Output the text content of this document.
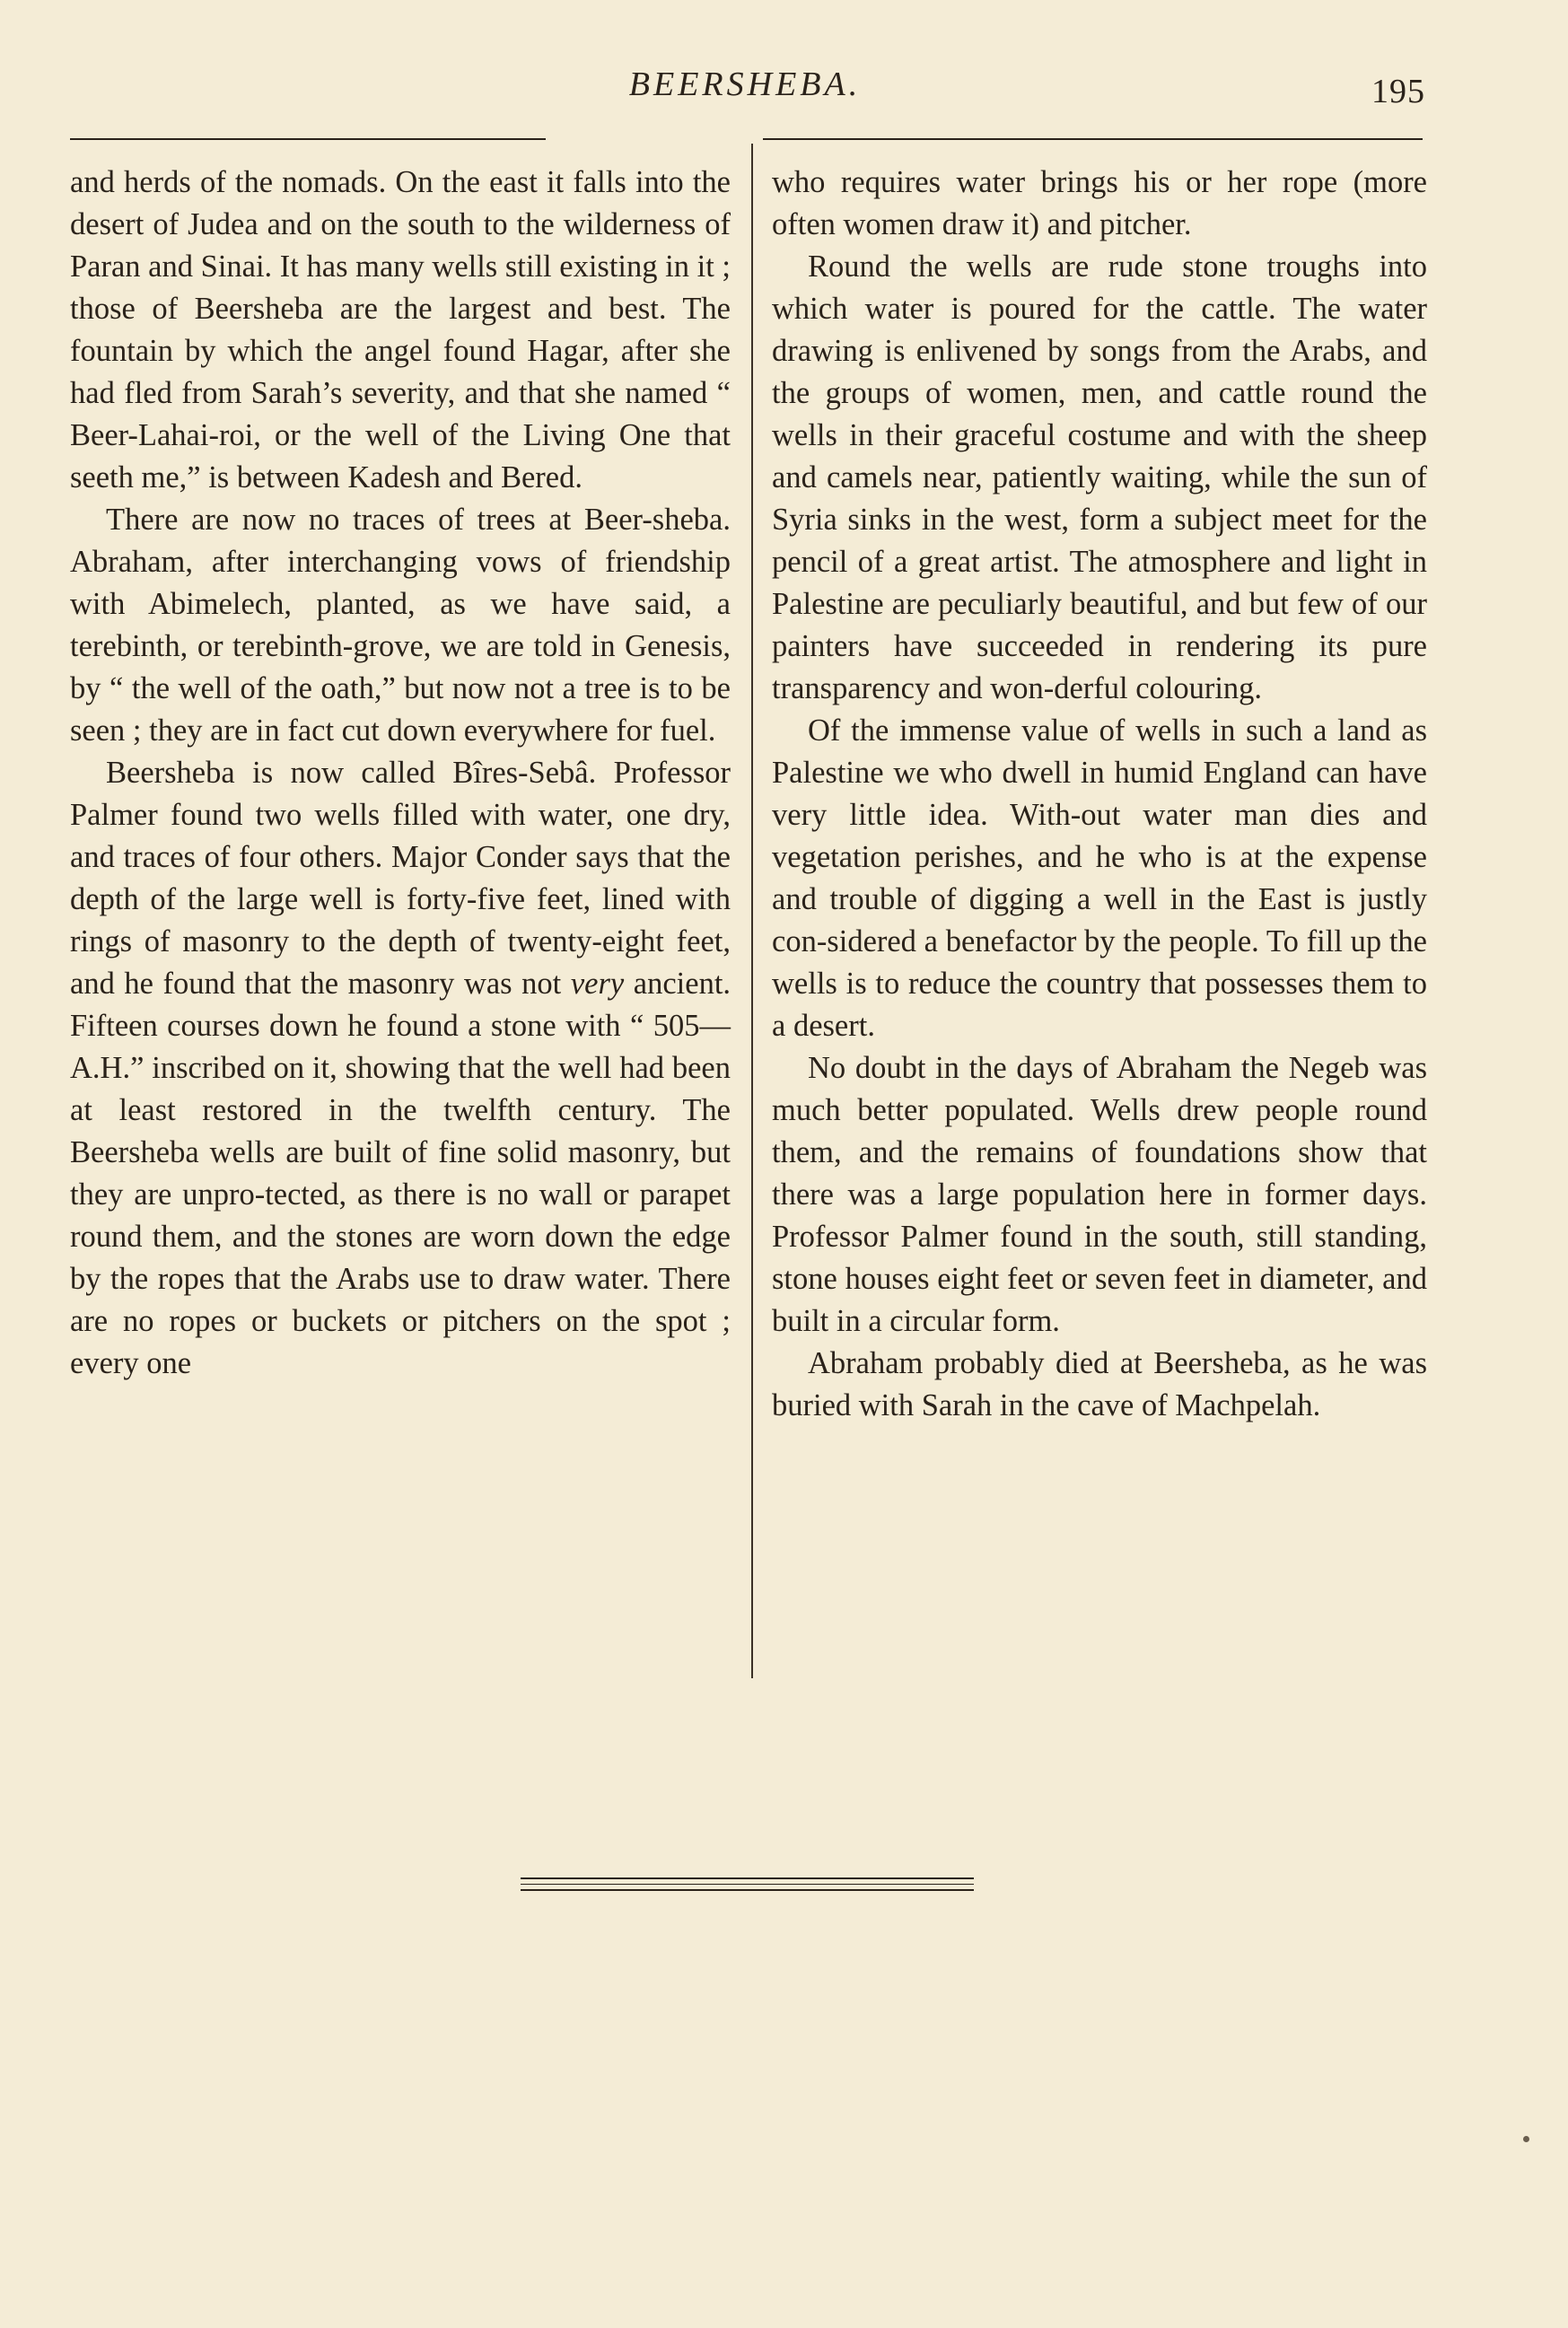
BEERSHEBA.	195

and herds of the nomads. On the east it falls into the desert of Judea and on the south to the wilderness of Paran and Sinai. It has many wells still existing in it ; those of Beersheba are the largest and best. The fountain by which the angel found Hagar, after she had fled from Sarah’s severity, and that she named “ Beer-Lahai-roi, or the well of the Living One that seeth me,” is between Kadesh and Bered.

There are now no traces of trees at Beer-sheba. Abraham, after interchanging vows of friendship with Abimelech, planted, as we have said, a terebinth, or terebinth-grove, we are told in Genesis, by “ the well of the oath,” but now not a tree is to be seen ; they are in fact cut down everywhere for fuel.

Beersheba is now called Bîres-Sebâ. Professor Palmer found two wells filled with water, one dry, and traces of four others. Major Conder says that the depth of the large well is forty-five feet, lined with rings of masonry to the depth of twenty-eight feet, and he found that the masonry was not very ancient. Fifteen courses down he found a stone with “ 505—A.H.” inscribed on it, showing that the well had been at least restored in the twelfth century. The Beersheba wells are built of fine solid masonry, but they are unpro-tected, as there is no wall or parapet round them, and the stones are worn down the edge by the ropes that the Arabs use to draw water. There are no ropes or buckets or pitchers on the spot ; every one

who requires water brings his or her rope (more often women draw it) and pitcher.

Round the wells are rude stone troughs into which water is poured for the cattle. The water drawing is enlivened by songs from the Arabs, and the groups of women, men, and cattle round the wells in their graceful costume and with the sheep and camels near, patiently waiting, while the sun of Syria sinks in the west, form a subject meet for the pencil of a great artist. The atmosphere and light in Palestine are peculiarly beautiful, and but few of our painters have succeeded in rendering its pure transparency and won-derful colouring.

Of the immense value of wells in such a land as Palestine we who dwell in humid England can have very little idea. With-out water man dies and vegetation perishes, and he who is at the expense and trouble of digging a well in the East is justly con-sidered a benefactor by the people. To fill up the wells is to reduce the country that possesses them to a desert.

No doubt in the days of Abraham the Negeb was much better populated. Wells drew people round them, and the remains of foundations show that there was a large population here in former days. Professor Palmer found in the south, still standing, stone houses eight feet or seven feet in diameter, and built in a circular form.

Abraham probably died at Beersheba, as he was buried with Sarah in the cave of Machpelah.
